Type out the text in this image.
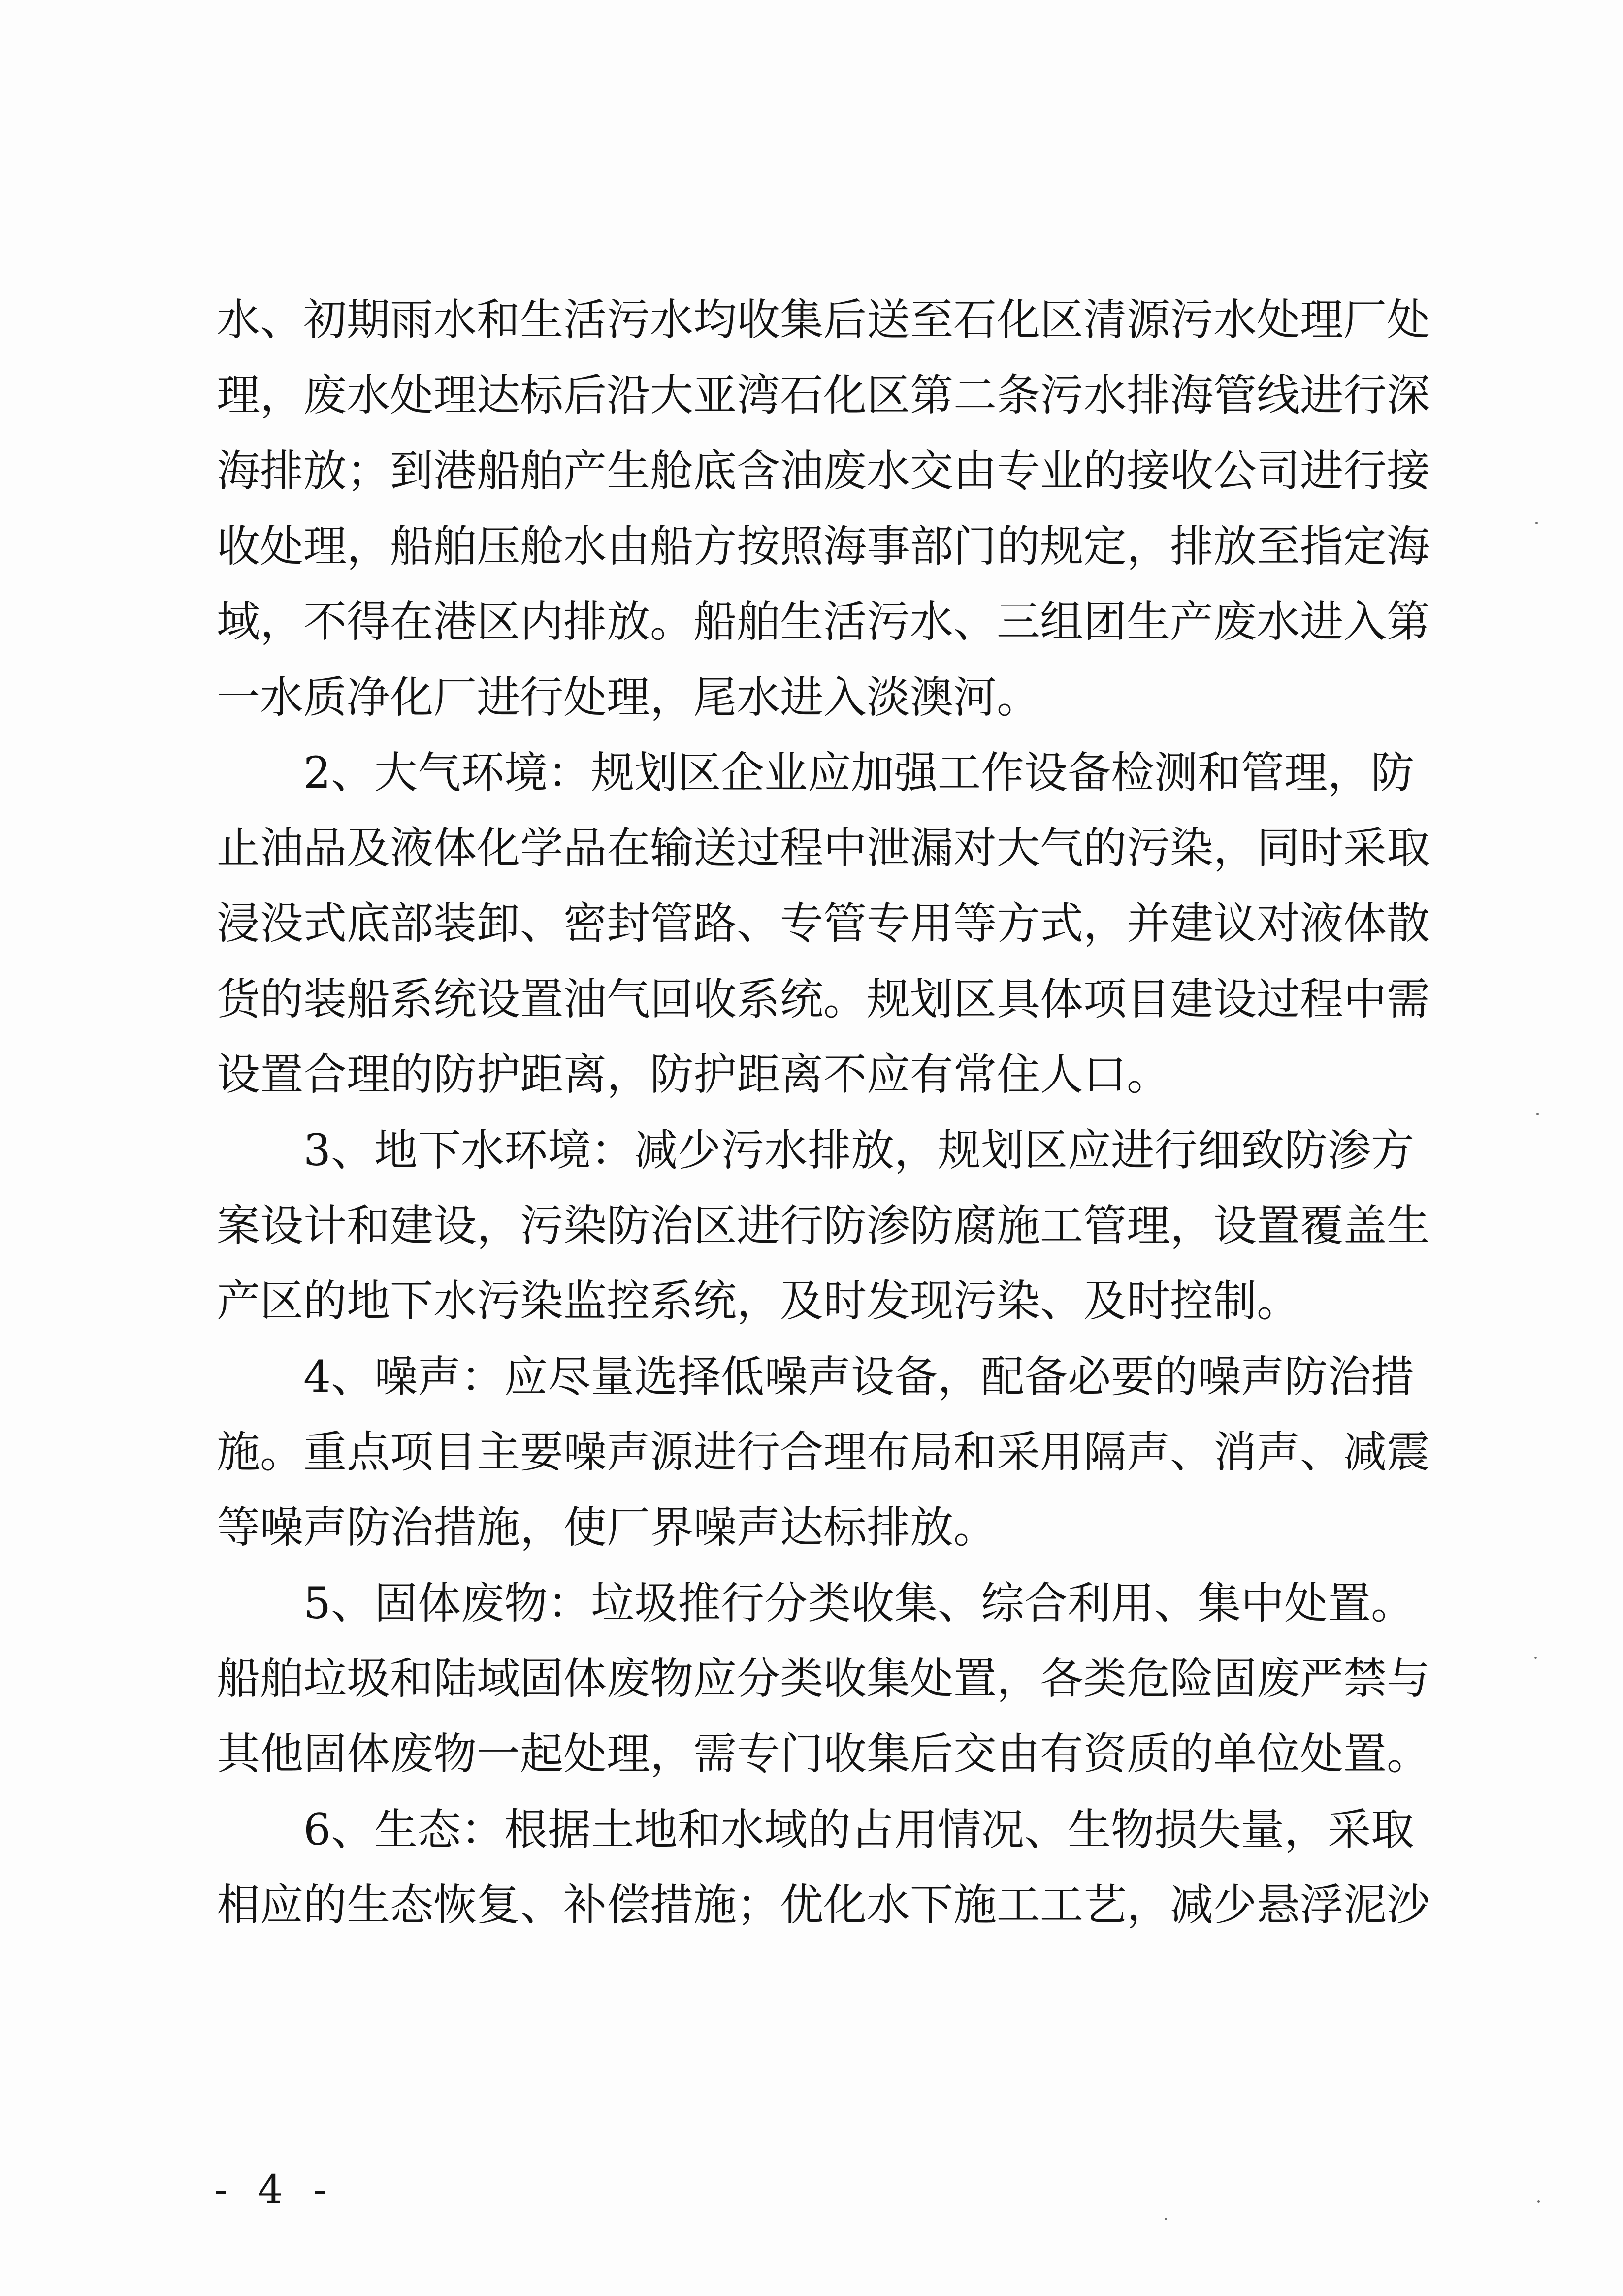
水、初期雨水和生活污水均收集后送至石化区清源污水处理厂处
理，废水处理达标后沿大亚湾石化区第二条污水排海管线进行深
海排放；到港船舶产生舱底含油废水交由专业的接收公司进行接
收处理，船舶压舱水由船方按照海事部门的规定，排放至指定海
域，不得在港区内排放。船舶生活污水、三组团生产废水进入第
一水质净化厂进行处理，尾水进入淡澳河。
2、大气环境：规划区企业应加强工作设备检测和管理，防
止油品及液体化学品在输送过程中泄漏对大气的污染，同时采取
浸没式底部装卸、密封管路、专管专用等方式，并建议对液体散
货的装船系统设置油气回收系统。规划区具体项目建设过程中需
设置合理的防护距离，防护距离不应有常住人口。
3、地下水环境：减少污水排放，规划区应进行细致防渗方
案设计和建设，污染防治区进行防渗防腐施工管理，设置覆盖生
产区的地下水污染监控系统，及时发现污染、及时控制。
4、噪声：应尽量选择低噪声设备，配备必要的噪声防治措
施。重点项目主要噪声源进行合理布局和采用隔声、消声、减震
等噪声防治措施，使厂界噪声达标排放。
5、固体废物：垃圾推行分类收集、综合利用、集中处置。
船舶垃圾和陆域固体废物应分类收集处置，各类危险固废严禁与
其他固体废物一起处理，需专门收集后交由有资质的单位处置。
6、生态：根据土地和水域的占用情况、生物损失量，采取
相应的生态恢复、补偿措施；优化水下施工工艺，减少悬浮泥沙
- 4 -
